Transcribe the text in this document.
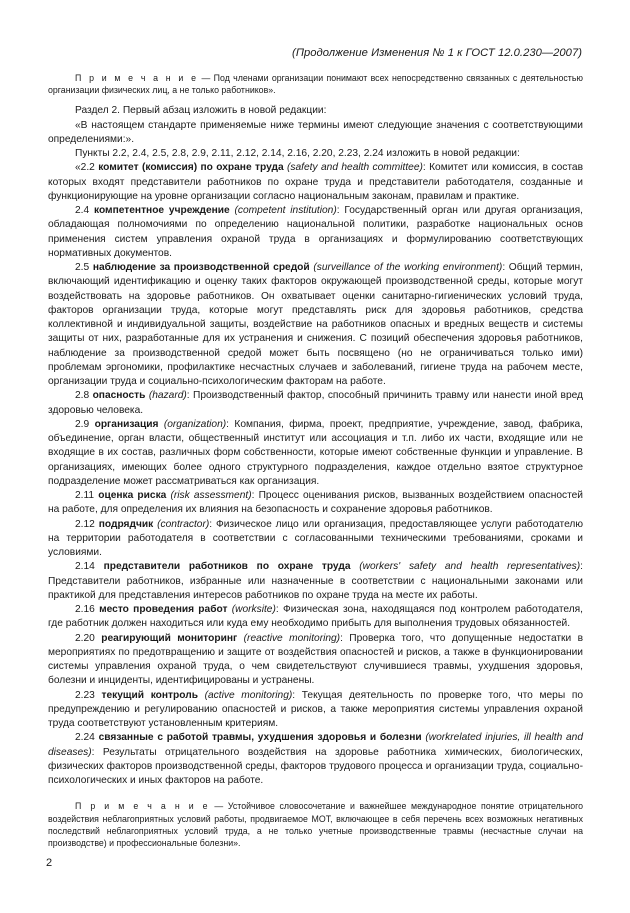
(Продолжение Изменения № 1 к ГОСТ 12.0.230—2007)

П р и м е ч а н и е — Под членами организации понимают всех непосредственно связанных с деятельностью организации физических лиц, а не только работников».

Раздел 2. Первый абзац изложить в новой редакции:

«В настоящем стандарте применяемые ниже термины имеют следующие значения с соответствующими определениями:».

Пункты 2.2, 2.4, 2.5, 2.8, 2.9, 2.11, 2.12, 2.14, 2.16, 2.20, 2.23, 2.24 изложить в новой редакции:

«2.2 комитет (комиссия) по охране труда (safety and health committee): Комитет или комиссия, в состав которых входят представители работников по охране труда и представители работодателя, созданные и функционирующие на уровне организации согласно национальным законам, правилам и практике.

2.4 компетентное учреждение (competent institution): Государственный орган или другая организация, обладающая полномочиями по определению национальной политики, разработке национальных основ применения систем управления охраной труда в организациях и формулированию соответствующих нормативных документов.

2.5 наблюдение за производственной средой (surveillance of the working environment): Общий термин, включающий идентификацию и оценку таких факторов окружающей производственной среды, которые могут воздействовать на здоровье работников. Он охватывает оценки санитарно-гигиенических условий труда, факторов организации труда, которые могут представлять риск для здоровья работников, средства коллективной и индивидуальной защиты, воздействие на работников опасных и вредных веществ и системы защиты от них, разработанные для их устранения и снижения. С позиций обеспечения здоровья работников, наблюдение за производственной средой может быть посвящено (но не ограничиваться только ими) проблемам эргономики, профилактике несчастных случаев и заболеваний, гигиене труда на рабочем месте, организации труда и социально-психологическим факторам на работе.

2.8 опасность (hazard): Производственный фактор, способный причинить травму или нанести иной вред здоровью человека.

2.9 организация (organization): Компания, фирма, проект, предприятие, учреждение, завод, фабрика, объединение, орган власти, общественный институт или ассоциация и т.п. либо их части, входящие или не входящие в их состав, различных форм собственности, которые имеют собственные функции и управление. В организациях, имеющих более одного структурного подразделения, каждое отдельно взятое структурное подразделение может рассматриваться как организация.

2.11 оценка риска (risk assessment): Процесс оценивания рисков, вызванных воздействием опасностей на работе, для определения их влияния на безопасность и сохранение здоровья работников.

2.12 подрядчик (contractor): Физическое лицо или организация, предоставляющее услуги работодателю на территории работодателя в соответствии с согласованными техническими требованиями, сроками и условиями.

2.14 представители работников по охране труда (workers' safety and health representatives): Представители работников, избранные или назначенные в соответствии с национальными законами или практикой для представления интересов работников по охране труда на месте их работы.

2.16 место проведения работ (worksite): Физическая зона, находящаяся под контролем работодателя, где работник должен находиться или куда ему необходимо прибыть для выполнения трудовых обязанностей.

2.20 реагирующий мониторинг (reactive monitoring): Проверка того, что допущенные недостатки в мероприятиях по предотвращению и защите от воздействия опасностей и рисков, а также в функционировании системы управления охраной труда, о чем свидетельствуют случившиеся травмы, ухудшения здоровья, болезни и инциденты, идентифицированы и устранены.

2.23 текущий контроль (active monitoring): Текущая деятельность по проверке того, что меры по предупреждению и регулированию опасностей и рисков, а также мероприятия системы управления охраной труда соответствуют установленным критериям.

2.24 связанные с работой травмы, ухудшения здоровья и болезни (workrelated injuries, ill health and diseases): Результаты отрицательного воздействия на здоровье работника химических, биологических, физических факторов производственной среды, факторов трудового процесса и организации труда, социально-психологических и иных факторов на работе.

П р и м е ч а н и е — Устойчивое словосочетание и важнейшее международное понятие отрицательного воздействия неблагоприятных условий работы, продвигаемое МОТ, включающее в себя перечень всех возможных негативных последствий неблагоприятных условий труда, а не только учетные производственные травмы (несчастные случаи на производстве) и профессиональные болезни».

2
